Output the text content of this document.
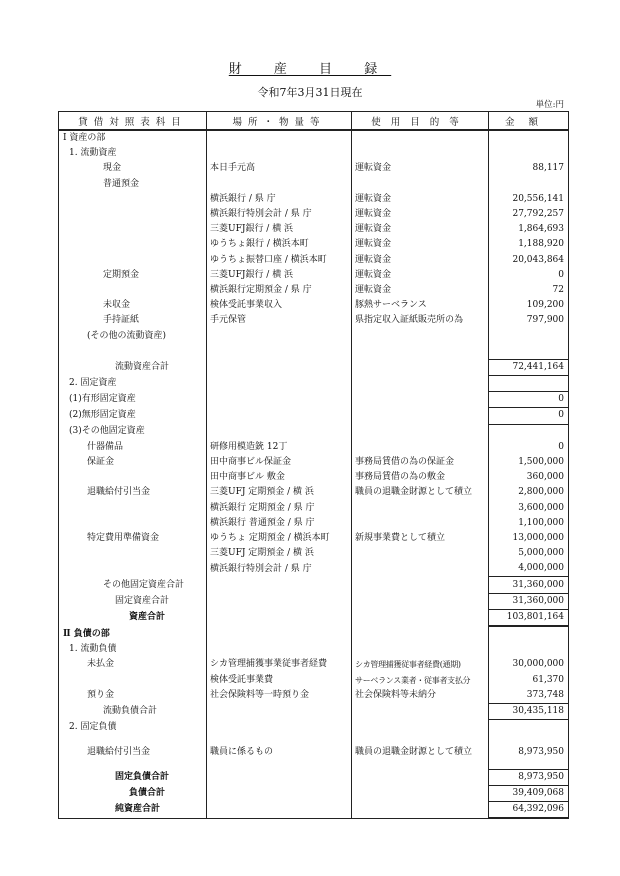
財 産 目 録
令和7年3月31日現在
単位:円
貸借対照表科目	場所・物量等	使用目的等	金額
Ⅰ 資産の部			
1. 流動資産			
現金	本日手元高	運転資金	88,117
普通預金			
	横浜銀行 / 県 庁	運転資金	20,556,141
	横浜銀行特別会計 / 県 庁	運転資金	27,792,257
	三菱UFJ銀行 / 横 浜	運転資金	1,864,693
	ゆうちょ銀行 / 横浜本町	運転資金	1,188,920
	ゆうちょ振替口座 / 横浜本町	運転資金	20,043,864
定期預金	三菱UFJ銀行 / 横 浜	運転資金	0
	横浜銀行定期預金 / 県 庁	運転資金	72
未収金	検体受託事業収入	豚熱サーベランス	109,200
手持証紙	手元保管	県指定収入証紙販売所の為	797,900
(その他の流動資産)			

流動資産合計			72,441,164
2. 固定資産			
(1)有形固定資産			0
(2)無形固定資産			0
(3)その他固定資産			
什器備品	研修用模造銃 12丁		0
保証金	田中商事ビル保証金	事務局賃借の為の保証金	1,500,000
	田中商事ビル 敷金	事務局賃借の為の敷金	360,000
退職給付引当金	三菱UFJ 定期預金 / 横 浜	職員の退職金財源として積立	2,800,000
	横浜銀行 定期預金 / 県 庁		3,600,000
	横浜銀行 普通預金 / 県 庁		1,100,000
特定費用準備資金	ゆうちょ 定期預金 / 横浜本町	新規事業費として積立	13,000,000
	三菱UFJ 定期預金 / 横 浜		5,000,000
	横浜銀行特別会計 / 県 庁		4,000,000
その他固定資産合計			31,360,000
固定資産合計			31,360,000
資産合計			103,801,164
Ⅱ 負債の部			
1. 流動負債			
未払金	シカ管理捕獲事業従事者経費	シカ管理捕獲従事者経費(通期)	30,000,000
	検体受託事業費	サーベランス業者・従事者支払分	61,370
預り金	社会保険料等一時預り金	社会保険料等未納分	373,748
流動負債合計			30,435,118
2. 固定負債			
退職給付引当金	職員に係るもの	職員の退職金財源として積立	8,973,950
固定負債合計			8,973,950
負債合計			39,409,068
純資産合計			64,392,096
